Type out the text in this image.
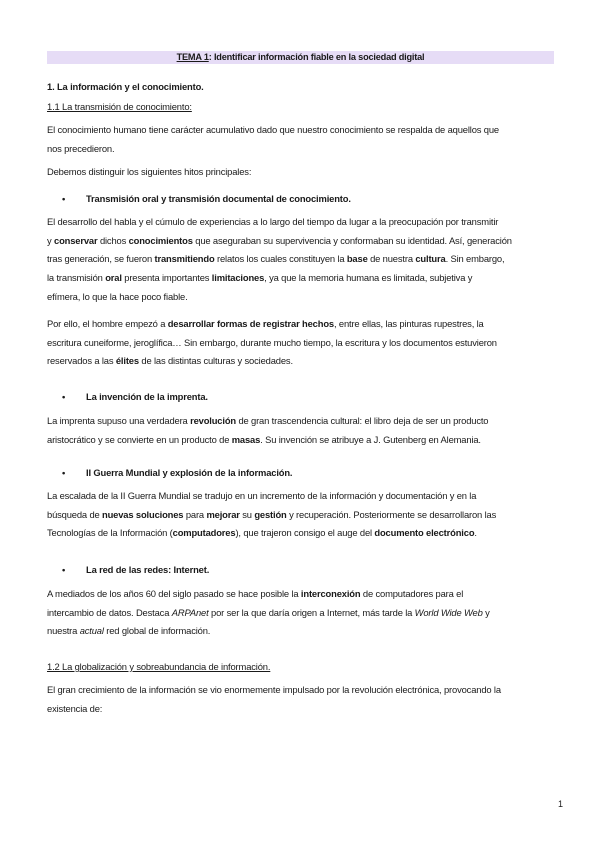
TEMA 1: Identificar información fiable en la sociedad digital
1. La información y el conocimiento.
1.1 La transmisión de conocimiento:
• Transmisión oral y transmisión documental de conocimiento.
• La invención de la imprenta.
• II Guerra Mundial y explosión de la información.
• La red de las redes: Internet.
1.2 La globalización y sobreabundancia de información.
1
El conocimiento humano tiene carácter acumulativo dado que nuestro conocimiento se respalda de aquellos que
nos precedieron.
Debemos distinguir los siguientes hitos principales:
El desarrollo del habla y el cúmulo de experiencias a lo largo del tiempo da lugar a la preocupación por transmitir
y conservar dichos conocimientos que aseguraban su supervivencia y conformaban su identidad. Así, generación
tras generación, se fueron transmitiendo relatos los cuales constituyen la base de nuestra cultura. Sin embargo,
la transmisión oral presenta importantes limitaciones, ya que la memoria humana es limitada, subjetiva y
efímera, lo que la hace poco fiable.
Por ello, el hombre empezó a desarrollar formas de registrar hechos, entre ellas, las pinturas rupestres, la
escritura cuneiforme, jeroglífica… Sin embargo, durante mucho tiempo, la escritura y los documentos estuvieron
reservados a las élites de las distintas culturas y sociedades.
La imprenta supuso una verdadera revolución de gran trascendencia cultural: el libro deja de ser un producto
aristocrático y se convierte en un producto de masas. Su invención se atribuye a J. Gutenberg en Alemania.
La escalada de la II Guerra Mundial se tradujo en un incremento de la información y documentación y en la
búsqueda de nuevas soluciones para mejorar su gestión y recuperación. Posteriormente se desarrollaron las
Tecnologías de la Información (computadores), que trajeron consigo el auge del documento electrónico.
A mediados de los años 60 del siglo pasado se hace posible la interconexión de computadores para el
intercambio de datos. Destaca ARPAnet por ser la que daría origen a Internet, más tarde la World Wide Web y
nuestra actual red global de información.
El gran crecimiento de la información se vio enormemente impulsado por la revolución electrónica, provocando la
existencia de:
